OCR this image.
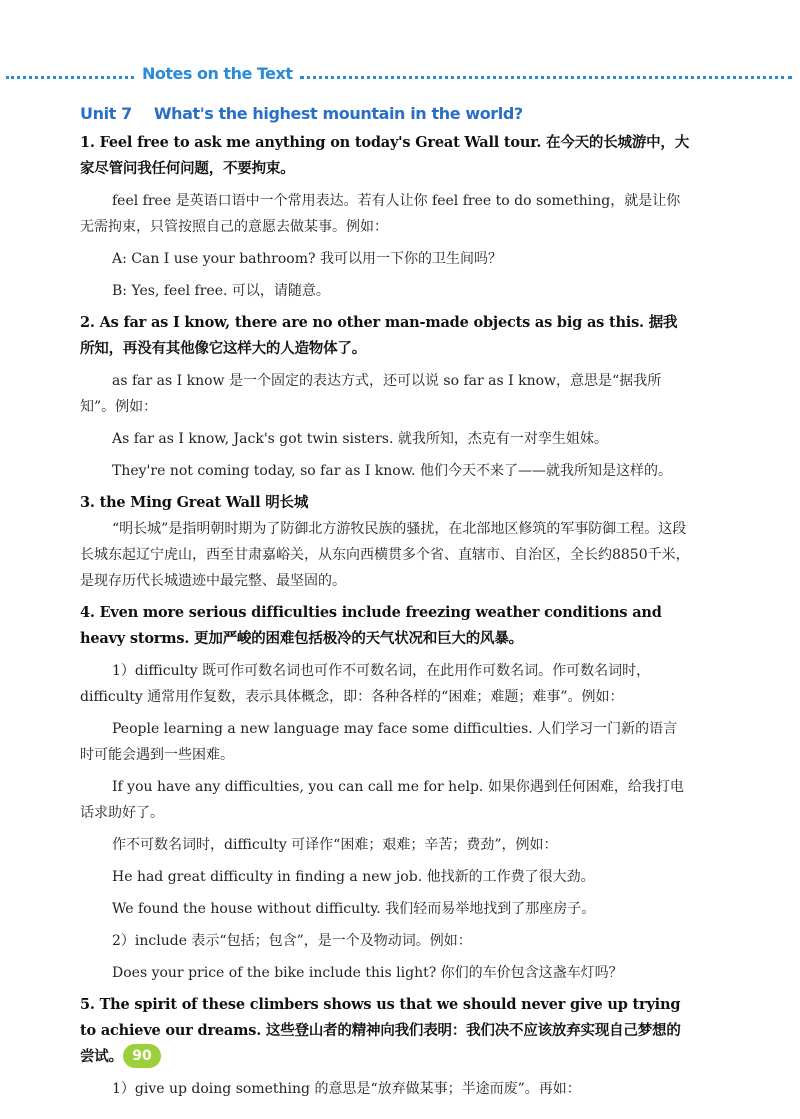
Notes on the Text
Unit 7 What's the highest mountain in the world?

1. Feel free to ask me anything on today's Great Wall tour. 在今天的长城游中，大家尽管问我任何问题，不要拘束。

feel free 是英语口语中一个常用表达。若有人让你 feel free to do something，就是让你无需拘束，只管按照自己的意愿去做某事。例如：

A: Can I use your bathroom? 我可以用一下你的卫生间吗？

B: Yes, feel free. 可以，请随意。

2. As far as I know, there are no other man-made objects as big as this. 据我所知，再没有其他像它这样大的人造物体了。

as far as I know 是一个固定的表达方式，还可以说 so far as I know，意思是“据我所知”。例如：

As far as I know, Jack's got twin sisters. 就我所知，杰克有一对孪生姐妹。

They're not coming today, so far as I know. 他们今天不来了——就我所知是这样的。

3. the Ming Great Wall 明长城

“明长城”是指明朝时期为了防御北方游牧民族的骚扰，在北部地区修筑的军事防御工程。这段长城东起辽宁虎山，西至甘肃嘉峪关，从东向西横贯多个省、直辖市、自治区，全长约8850千米，是现存历代长城遗迹中最完整、最坚固的。

4. Even more serious difficulties include freezing weather conditions and heavy storms. 更加严峻的困难包括极冷的天气状况和巨大的风暴。

1）difficulty 既可作可数名词也可作不可数名词，在此用作可数名词。作可数名词时，difficulty 通常用作复数，表示具体概念，即：各种各样的“困难；难题；难事”。例如：

People learning a new language may face some difficulties. 人们学习一门新的语言时可能会遇到一些困难。

If you have any difficulties, you can call me for help. 如果你遇到任何困难，给我打电话求助好了。

作不可数名词时，difficulty 可译作“困难；艰难；辛苦；费劲”，例如：

He had great difficulty in finding a new job. 他找新的工作费了很大劲。

We found the house without difficulty. 我们轻而易举地找到了那座房子。

2）include 表示“包括；包含”，是一个及物动词。例如：

Does your price of the bike include this light? 你们的车价包含这盏车灯吗？

5. The spirit of these climbers shows us that we should never give up trying to achieve our dreams. 这些登山者的精神向我们表明：我们决不应该放弃实现自己梦想的尝试。

1）give up doing something 的意思是“放弃做某事；半途而废”。再如：

90
